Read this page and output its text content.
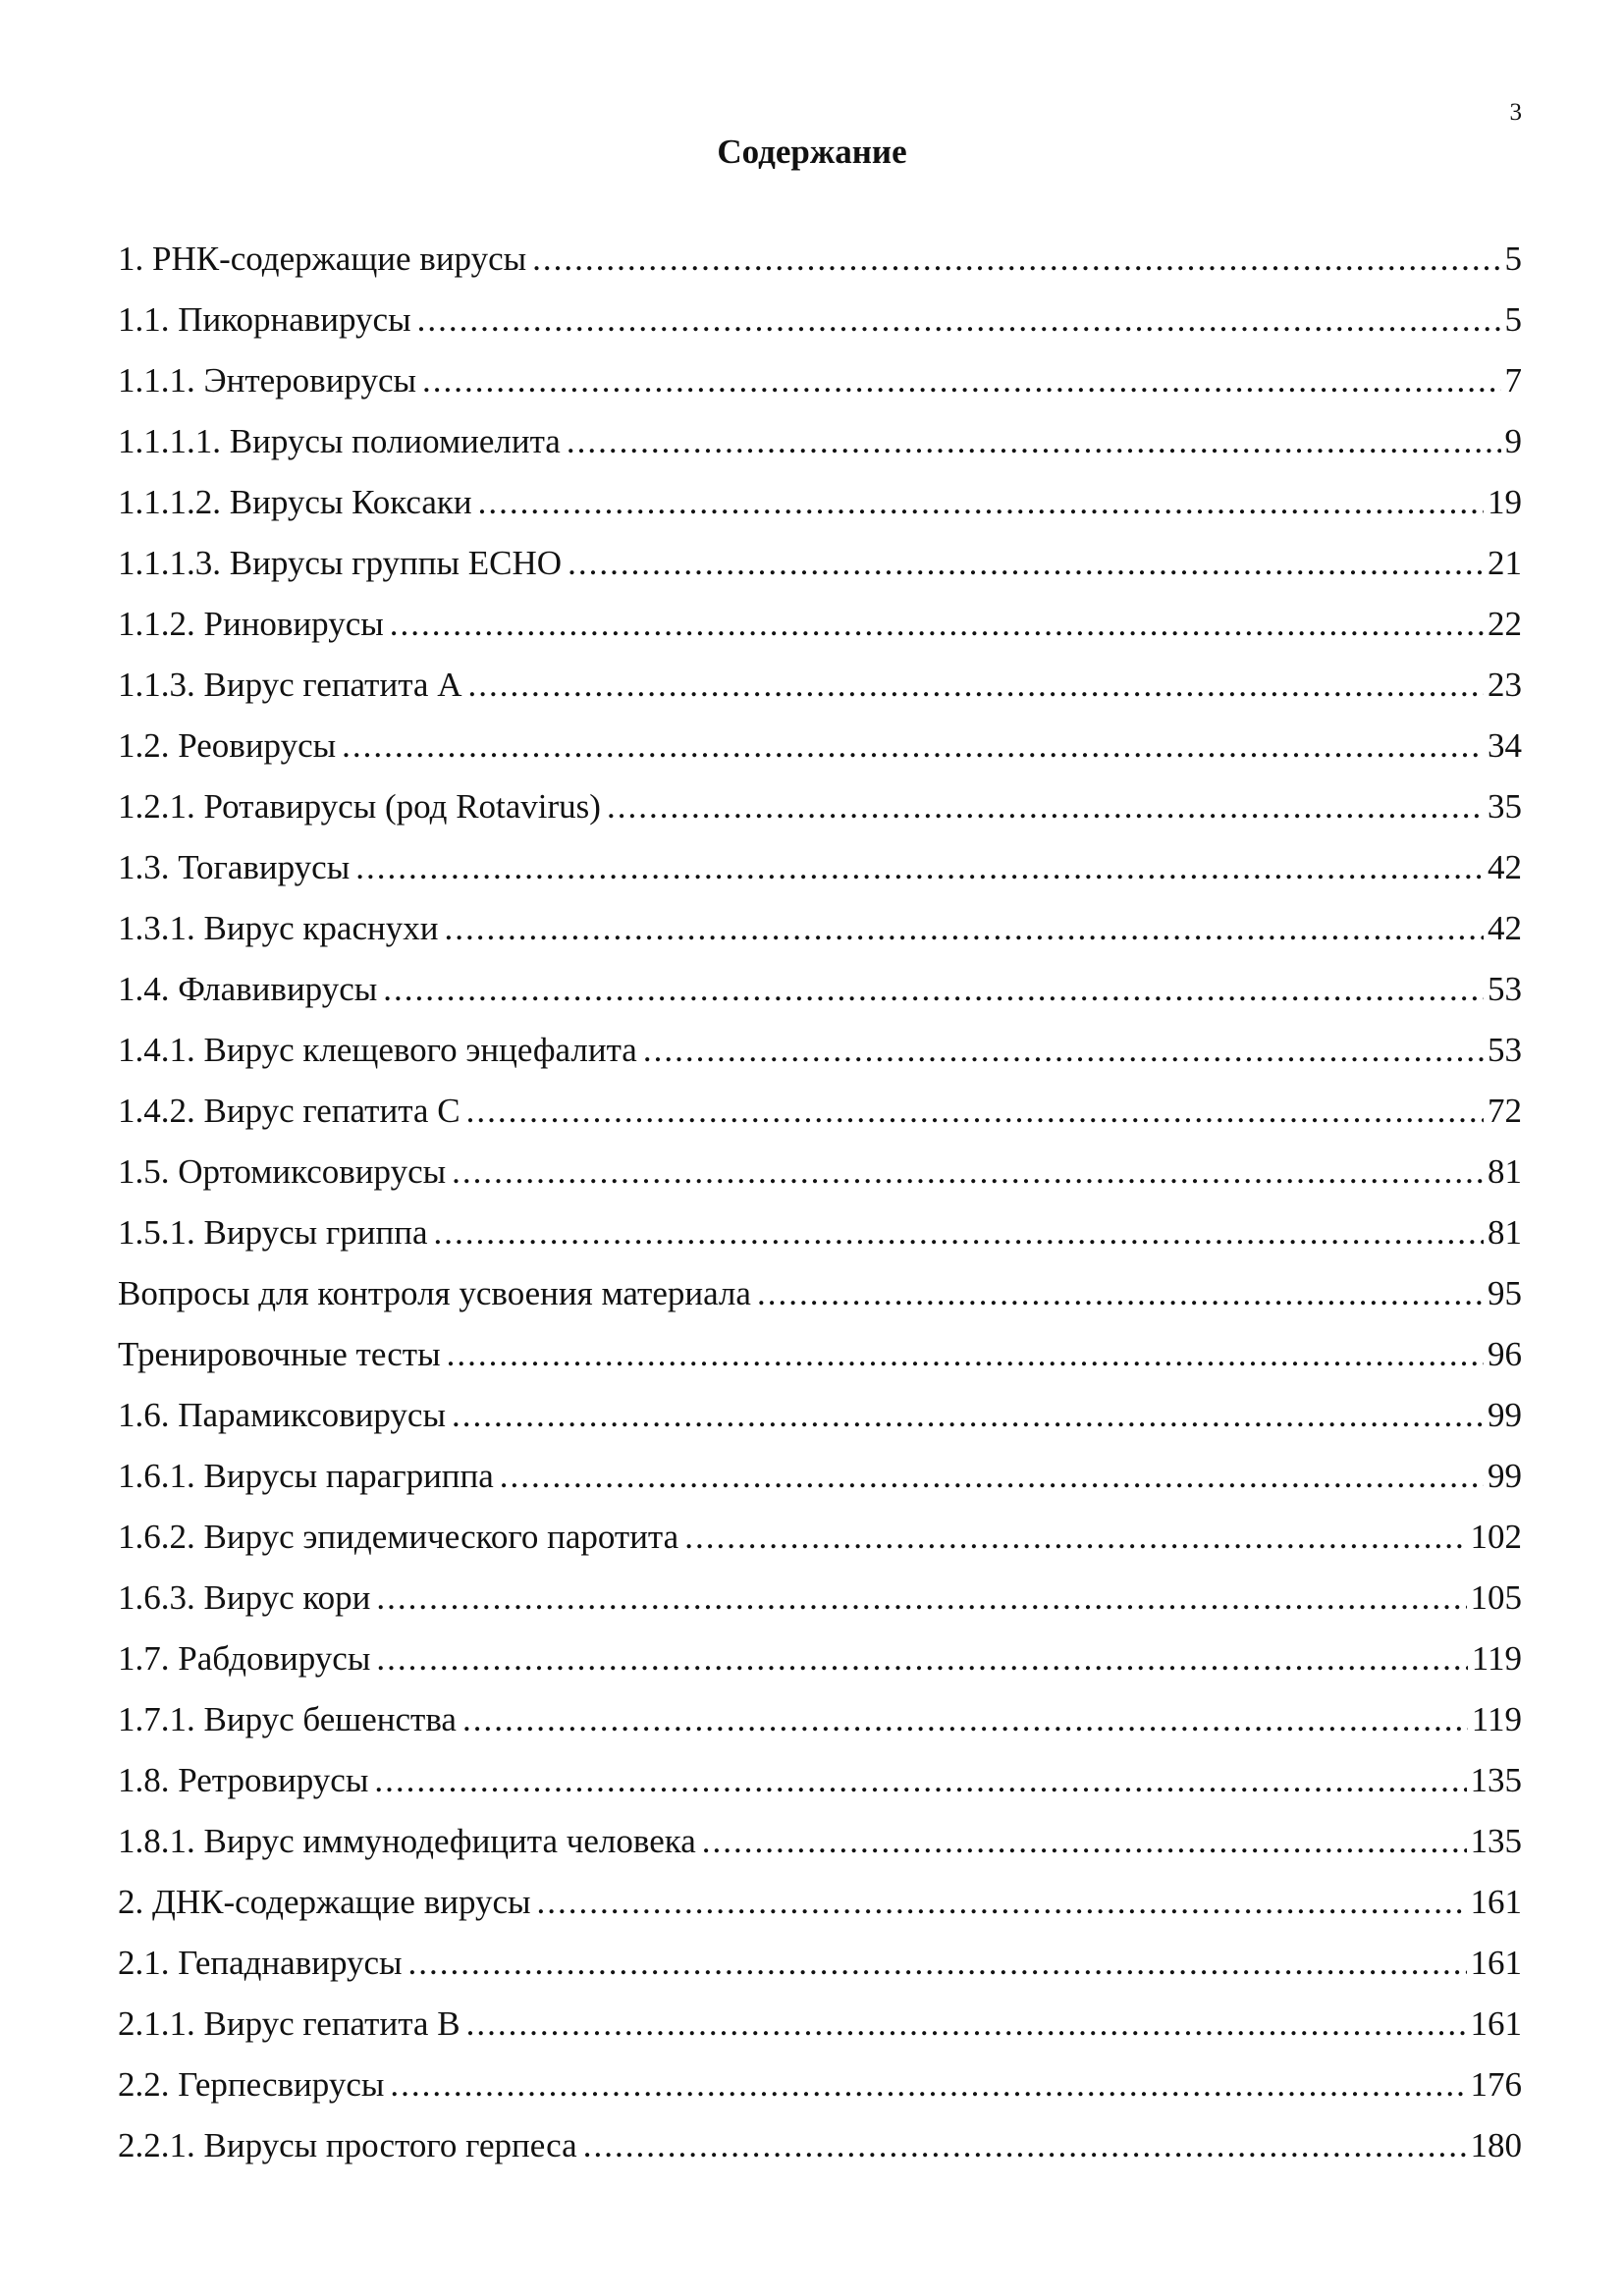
3
Содержание
1. РНК-содержащие вирусы .....	5
1.1. Пикорнавирусы .....	5
1.1.1. Энтеровирусы .....	7
1.1.1.1. Вирусы полиомиелита .....	9
1.1.1.2. Вирусы Коксаки .....	19
1.1.1.3. Вирусы группы ЕСНО .....	21
1.1.2. Риновирусы .....	22
1.1.3. Вирус гепатита А .....	23
1.2. Реовирусы .....	34
1.2.1. Ротавирусы (род Rotavirus) .....	35
1.3. Тогавирусы .....	42
1.3.1. Вирус краснухи .....	42
1.4. Флавивирусы .....	53
1.4.1. Вирус клещевого энцефалита .....	53
1.4.2. Вирус гепатита С .....	72
1.5. Ортомиксовирусы .....	81
1.5.1. Вирусы гриппа .....	81
Вопросы для контроля усвоения материала .....	95
Тренировочные тесты .....	96
1.6. Парамиксовирусы .....	99
1.6.1. Вирусы парагриппа .....	99
1.6.2. Вирус эпидемического паротита .....	102
1.6.3. Вирус кори .....	105
1.7. Рабдовирусы .....	119
1.7.1. Вирус бешенства .....	119
1.8. Ретровирусы .....	135
1.8.1. Вирус иммунодефицита человека .....	135
2. ДНК-содержащие вирусы .....	161
2.1. Гепаднавирусы .....	161
2.1.1. Вирус гепатита В .....	161
2.2. Герпесвирусы .....	176
2.2.1. Вирусы простого герпеса .....	180
